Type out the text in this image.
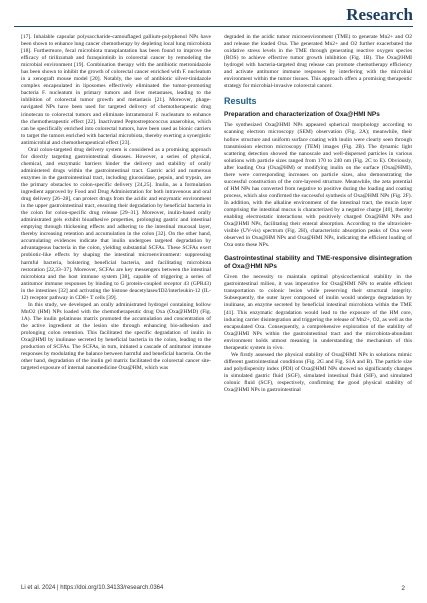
Research

[17]. Inhalable capsular polysaccharide-camouflaged gallium-polyphenol NPs have been shown to enhance lung cancer chemotherapy by depleting local lung microbiota [18]. Furthermore, fecal microbiota transplantation has been found to improve the efficacy of tirilizumab and furaquintinib in colorectal cancer by remodeling the microbial environment [19]. Combination therapy with the antibiotic metronidazole has been shown to inhibit the growth of colorectal cancer enriched with F. nucleatum in a xenograft mouse model [20]. Notably, the use of antibiotic silver-tinidazole complex encapsulated in liposomes effectively eliminated the tumor-promoting bacteria F. nucleatum in primary tumors and liver metastases, leading to the inhibition of colorectal tumor growth and metastasis [21]. Moreover, phage-navigated NPs have been used for targeted delivery of chemotherapeutic drug irinotecan to colorectal tumors and eliminate intratumoral F. nucleatum to enhance the chemotherapeutic effect [22]. Inactivated Peptostreptococcus anaerobius, which can be specifically enriched into colorectal tumors, have been used as bionic carriers to target the tumors enriched with bacterial microbiota, thereby exerting a synergistic antimicrobial and chemotherapeutical effect [23].

Oral colon-targeted drug delivery system is considered as a promising approach for directly targeting gastrointestinal diseases. However, a series of physical, chemical, and enzymatic barriers hinder the delivery and stability of orally administered drugs within the gastrointestinal tract. Gastric acid and numerous enzymes in the gastrointestinal tract, including glucosidase, pepsin, and trypsin, are the primary obstacles to colon-specific delivery [24,25]. Inulin, as a formulation ingredient approved by Food and Drug Administration for both intravenous and oral drug delivery [26–28], can protect drugs from the acidic and enzymatic environment in the upper gastrointestinal tract, ensuring their degradation by beneficial bacteria in the colon for colon-specific drug release [29–31]. Moreover, inulin-based orally administrated gels exhibit bioadhesive properties, prolonging gastric and intestinal emptying through thickening effects and adhering to the intestinal mucosal layer, thereby increasing retention and accumulation in the colon [32]. On the other hand, accumulating evidences indicate that inulin undergoes targeted degradation by advantageous bacteria in the colon, yielding substantial SCFAs. These SCFAs exert probiotic-like effects by shaping the intestinal microenvironment: suppressing harmful bacteria, bolstering beneficial bacteria, and facilitating microbiota restoration [22,33–37]. Moreover, SCFAs are key messengers between the intestinal microbiota and the host immune system [38], capable of triggering a series of antitumor immune responses by binding to G protein-coupled receptor 43 (GPR43) in the intestines [32] and activating the histone deacetylases/ID2/interleukin-12 (IL-12) receptor pathway in CD8+ T cells [39].

In this study, we developed an orally administrated hydrogel containing hollow MnO2 (HM) NPs loaded with the chemotherapeutic drug Oxa (Oxa@HMD) (Fig. 1A). The inulin gelatinous matrix promoted the accumulation and concentration of the active ingredient at the lesion site through enhancing bio-adhesion and prolonging colon retention. This facilitated the specific degradation of inulin in Oxa@HMI by inulinase secreted by beneficial bacteria in the colon, leading to the production of SCFAs. The SCFAs, in turn, initiated a cascade of antitumor immune responses by modulating the balance between harmful and beneficial bacteria. On the other hand, degradation of the inulin gel matrix facilitated the colorectal cancer site-targeted exposure of internal nanomedicine Oxa@HM, which was

degraded in the acidic tumor microenvironment (TME) to generate Mn2+ and O2 and release the loaded Oxa. The generated Mn2+ and O2 further exacerbated the oxidative stress levels in the TME through generating reactive oxygen species (ROS) to achieve effective tumor growth inhibition (Fig. 1B). The Oxa@HMI hydrogel with bacteria-targeted drug release can promote chemotherapy efficiency and activate antitumor immune responses by interfering with the microbial environment within the tumor tissues. This approach offers a promising therapeutic strategy for microbial-invasive colorectal cancer.

Results
Preparation and characterization of Oxa@HMI NPs

The synthesized Oxa@HMI NPs appeared spherical morphology according to scanning electron microscopy (SEM) observation (Fig. 2A); meanwhile, their hollow structure and uniform surface coating with inulin were clearly seen through transmission electron microscopy (TEM) images (Fig. 2B). The dynamic light scattering detection showed the nanoscale and well-dispersed particles in various solutions with particle sizes ranged from 170 to 240 nm (Fig. 2C to E). Obviously, after loading Oxa (Oxa@HM) or modifying inulin on the surface (Oxa@HMI), there were corresponding increases on particle sizes, also demonstrating the successful construction of the core-layered structure. Meanwhile, the zeta potential of HM NPs has converted from negative to positive during the loading and coating process, which also confirmed the successful synthesis of Oxa@HMI NPs (Fig. 2F). In addition, with the alkaline environment of the intestinal tract, the mucin layer comprising the intestinal mucus is characterized by a negative charge [40], thereby enabling electrostatic interactions with positively charged Oxa@HM NPs and Oxa@HMI NPs, facilitating their enteral absorption. According to the ultraviolet-visible (UV-vis) spectrum (Fig. 2H), characteristic absorption peaks of Oxa were observed in Oxa@HM NPs and Oxa@HMI NPs, indicating the efficient loading of Oxa onto these NPs.

Gastrointestinal stability and TME-responsive disintegration of Oxa@HMI NPs

Given the necessity to maintain optimal physicochemical stability in the gastrointestinal milieu, it was imperative for Oxa@HMI NPs to enable efficient transportation to colonic lesion while preserving their structural integrity. Subsequently, the outer layer composed of inulin would undergo degradation by inulinase, an enzyme secreted by beneficial intestinal microbiota within the TME [41]. This enzymatic degradation would lead to the exposure of the HM core, inducing carrier disintegration and triggering the release of Mn2+, O2, as well as the encapsulated Oxa. Consequently, a comprehensive exploration of the stability of Oxa@HMI NPs within the gastrointestinal tract and the microbiota-abundant environment holds utmost meaning in understanding the mechanism of this therapeutic system in vivo.

We firstly assessed the physical stability of Oxa@HMI NPs in solutions mimic different gastrointestinal conditions (Fig. 2G and Fig. S1A and B). The particle size and polydispersity index (PDI) of Oxa@HMI NPs showed no significantly changes in simulated gastric fluid (SGF), simulated intestinal fluid (SIF), and simulated colonic fluid (SCF), respectively, confirming the good physical stability of Oxa@HMI NPs in gastrointestinal

Li et al. 2024 | https://doi.org/10.34133/research.0364	2
